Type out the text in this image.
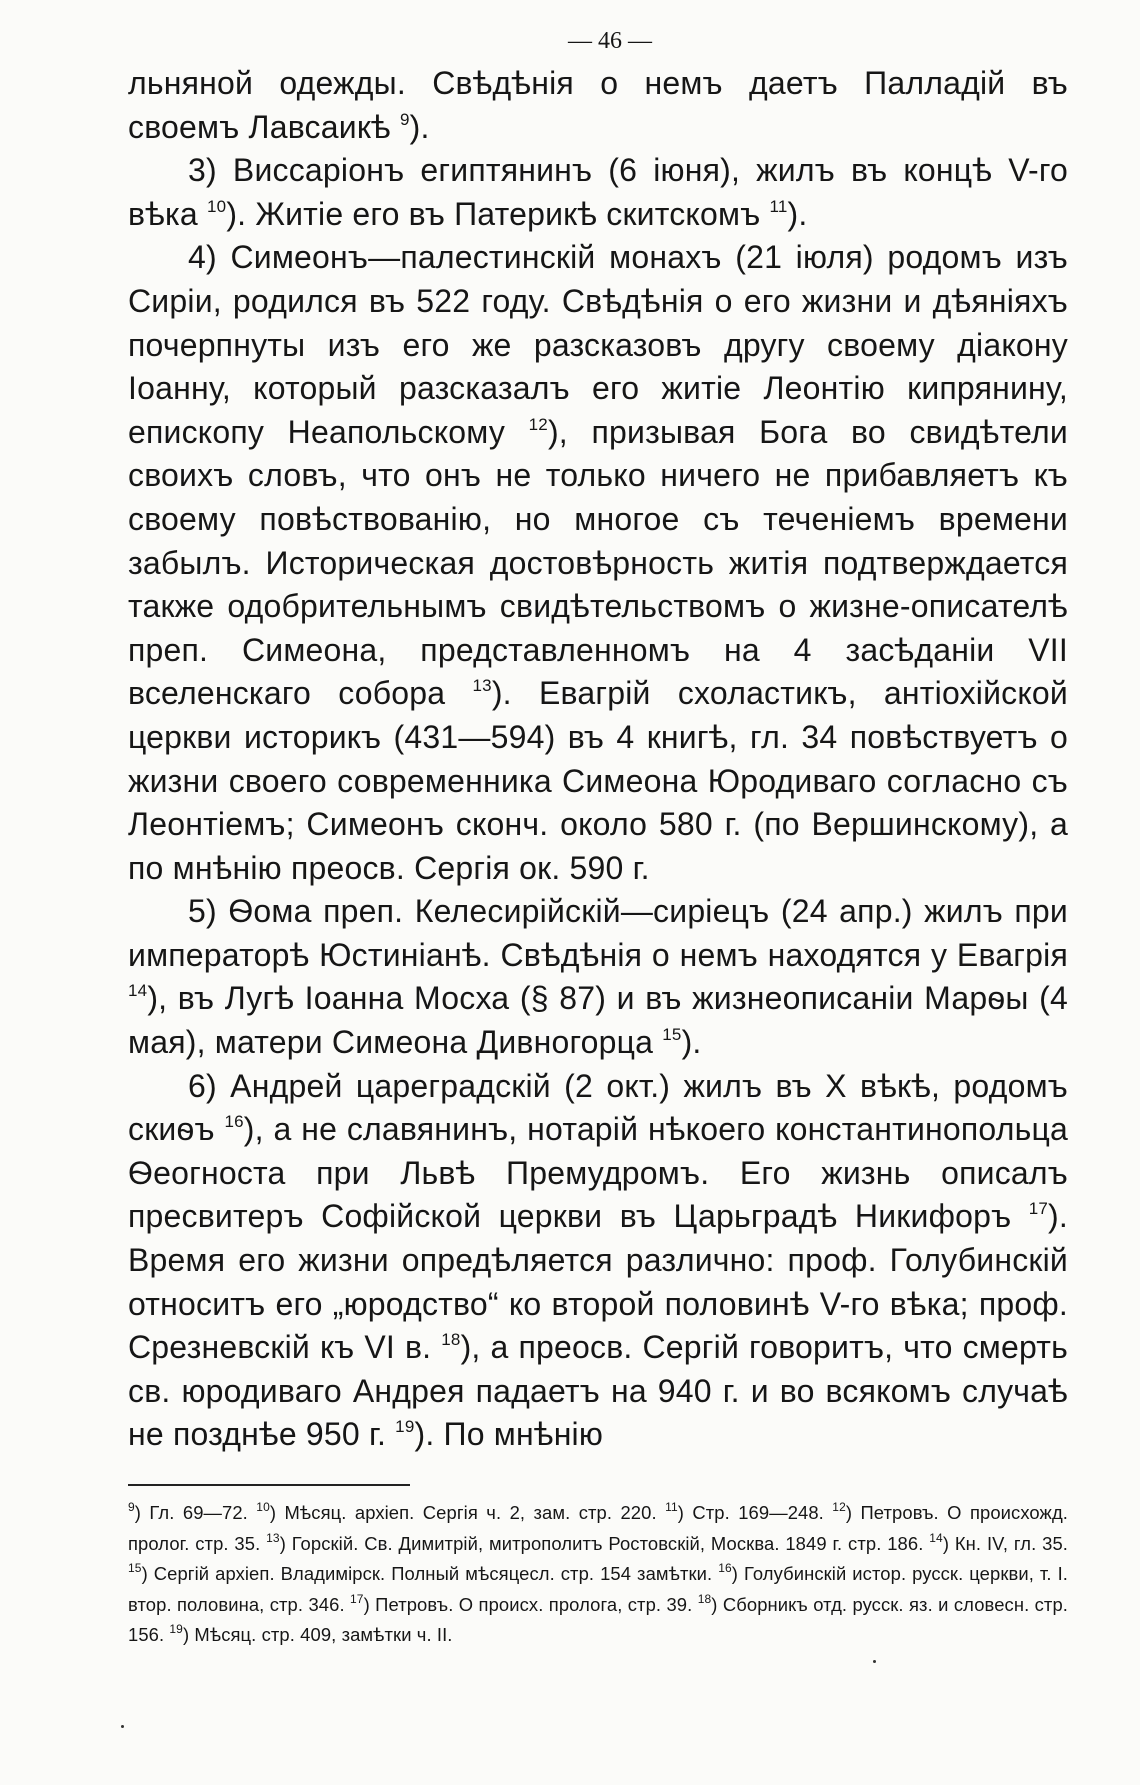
— 46 —

льняной одежды. Свѣдѣнія о немъ даетъ Палладій въ своемъ Лавсаикѣ $^9$).

3) Виссаріонъ египтянинъ (6 іюня), жилъ въ концѣ V-го вѣка $^{10}$). Житіе его въ Патерикѣ скитскомъ $^{11}$).

4) Симеонъ—палестинскій монахъ (21 іюля) родомъ изъ Сиріи, родился въ 522 году. Свѣдѣнія о его жизни и дѣяніяхъ почерпнуты изъ его же разсказовъ другу своему діакону Іоанну, который разсказалъ его житіе Леонтію кипрянину, епископу Неапольскому $^{12}$), призывая Бога во свидѣтели своихъ словъ, что онъ не только ничего не прибавляетъ къ своему повѣствованію, но многое съ теченіемъ времени забылъ. Историческая достовѣрность житія подтверждается также одобрительнымъ свидѣтельствомъ о жизне-описателѣ преп. Симеона, представленномъ на 4 засѣданіи VII вселенскаго собора $^{13}$). Евагрій схоластикъ, антіохійской церкви историкъ (431—594) въ 4 книгѣ, гл. 34 повѣствуетъ о жизни своего современника Симеона Юродиваго согласно съ Леонтіемъ; Симеонъ сконч. около 580 г. (по Вершинскому), а по мнѣнію преосв. Сергія ок. 590 г.

5) Ѳома преп. Келесирійскій—сиріецъ (24 апр.) жилъ при императорѣ Юстиніанѣ. Свѣдѣнія о немъ находятся у Евагрія $^{14}$), въ Лугѣ Іоанна Мосха (§ 87) и въ жизнеописаніи Марѳы (4 мая), матери Симеона Дивногорца $^{15}$).

6) Андрей цареградскій (2 окт.) жилъ въ X вѣкѣ, родомъ скиѳъ $^{16}$), а не славянинъ, нотарій нѣкоего константинопольца Ѳеогноста при Львѣ Премудромъ. Его жизнь описалъ пресвитеръ Софійской церкви въ Царьградѣ Никифоръ $^{17}$). Время его жизни опредѣляется различно: проф. Голубинскій относитъ его „юродство“ ко второй половинѣ V-го вѣка; проф. Срезневскій къ VI в. $^{18}$), а преосв. Сергій говоритъ, что смерть св. юродиваго Андрея падаетъ на 940 г. и во всякомъ случаѣ не позднѣе 950 г. $^{19}$). По мнѣнію

$^9$) Гл. 69—72. $^{10}$) Мѣсяц. архіеп. Сергія ч. 2, зам. стр. 220. $^{11}$) Стр. 169—248. $^{12}$) Петровъ. О происхожд. пролог. стр. 35. $^{13}$) Горскій. Св. Димитрій, митрополитъ Ростовскій, Москва. 1849 г. стр. 186. $^{14}$) Кн. IV, гл. 35. $^{15}$) Сергій архіеп. Владимірск. Полный мѣсяцесл. стр. 154 замѣтки. $^{16}$) Голубинскій истор. русск. церкви, т. I. втор. половина, стр. 346. $^{17}$) Петровъ. О происх. пролога, стр. 39. $^{18}$) Сборникъ отд. русск. яз. и словесн. стр. 156. $^{19}$) Мѣсяц. стр. 409, замѣтки ч. II.
